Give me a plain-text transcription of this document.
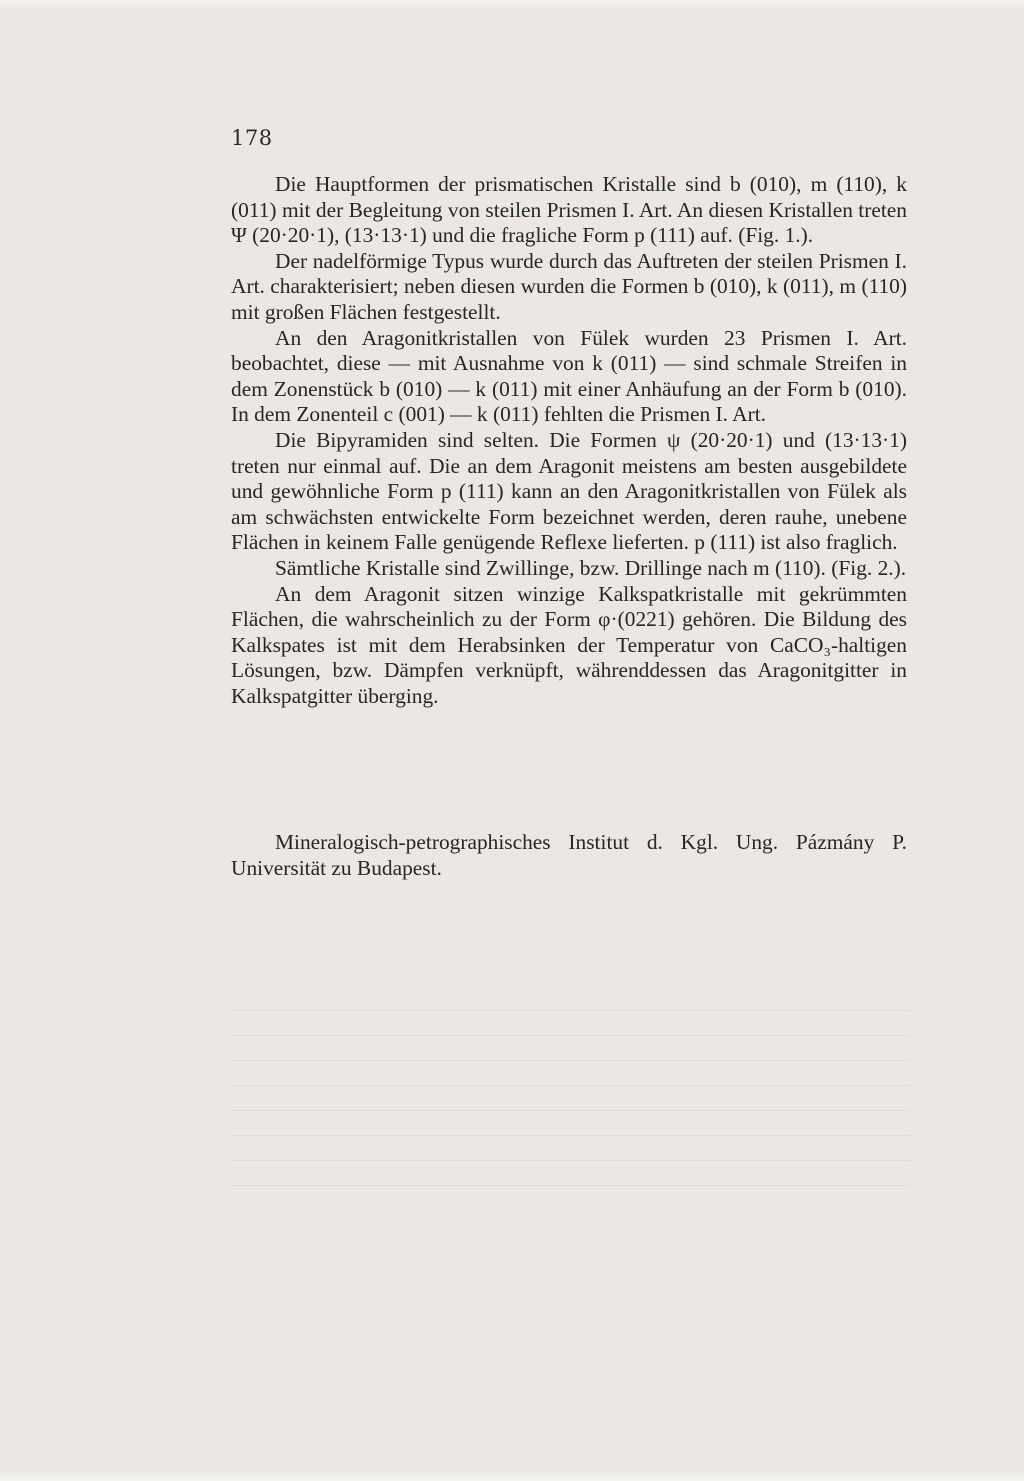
178

Die Hauptformen der prismatischen Kristalle sind b (010), m (110), k (011) mit der Begleitung von steilen Prismen I. Art. An diesen Kristallen treten Ψ (20·20·1), (13·13·1) und die fragliche Form p (111) auf. (Fig. 1.).

Der nadelförmige Typus wurde durch das Auftreten der steilen Prismen I. Art. charakterisiert; neben diesen wurden die Formen b (010), k (011), m (110) mit großen Flächen festgestellt.

An den Aragonitkristallen von Fülek wurden 23 Prismen I. Art. beobachtet, diese — mit Ausnahme von k (011) — sind schmale Streifen in dem Zonenstück b (010) — k (011) mit einer Anhäufung an der Form b (010). In dem Zonenteil c (001) — k (011) fehlten die Prismen I. Art.

Die Bipyramiden sind selten. Die Formen ψ (20·20·1) und (13·13·1) treten nur einmal auf. Die an dem Aragonit meistens am besten ausgebildete und gewöhnliche Form p (111) kann an den Aragonitkristallen von Fülek als am schwächsten entwickelte Form bezeichnet werden, deren rauhe, unebene Flächen in keinem Falle genügende Reflexe lieferten. p (111) ist also fraglich.

Sämtliche Kristalle sind Zwillinge, bzw. Drillinge nach m (110). (Fig. 2.).

An dem Aragonit sitzen winzige Kalkspatkristalle mit gekrümmten Flächen, die wahrscheinlich zu der Form φ·(0221) gehören. Die Bildung des Kalkspates ist mit dem Herabsinken der Temperatur von CaCO₃-haltigen Lösungen, bzw. Dämpfen verknüpft, währenddessen das Aragonitgitter in Kalkspatgitter überging.

Mineralogisch-petrographisches Institut d. Kgl. Ung. Pázmány P. Universität zu Budapest.
